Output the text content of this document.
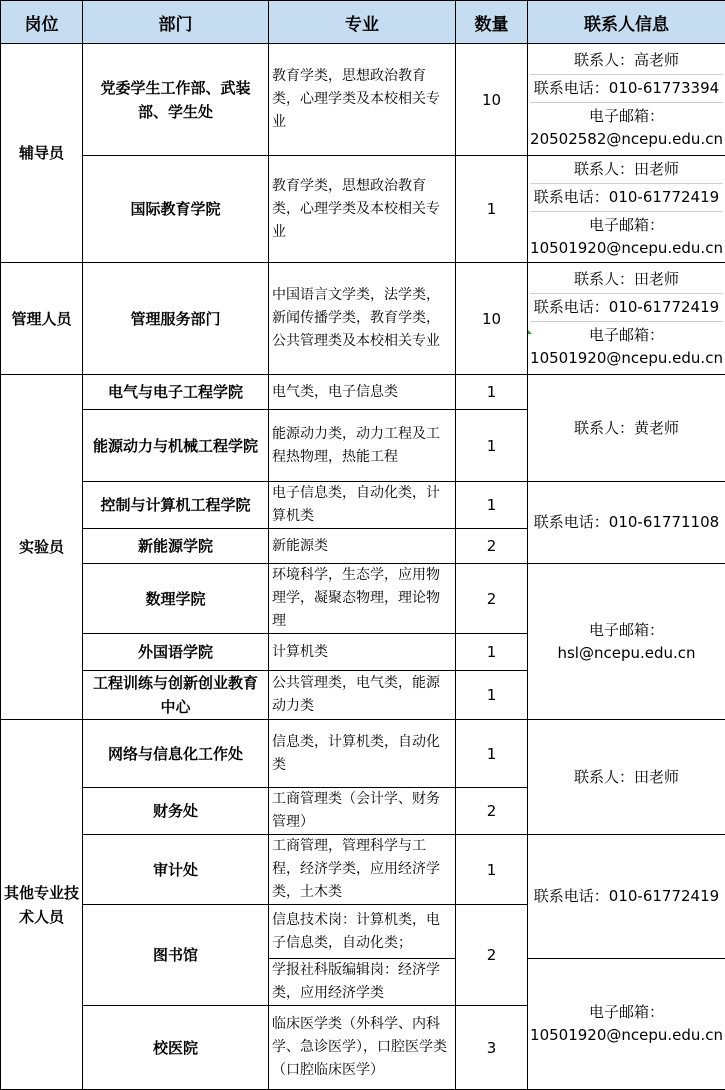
岗位	部门	专业	数量	联系人信息
辅导员	党委学生工作部、武装部、学生处	教育学类，思想政治教育类，心理学类及本校相关专业	10	联系人：高老师
联系电话：010-61773394
电子邮箱：20502582@ncepu.edu.cn

	国际教育学院	教育学类，思想政治教育类，心理学类及本校相关专业	1	联系人：田老师
联系电话：010-61772419
电子邮箱：10501920@ncepu.edu.cn

管理人员	管理服务部门	中国语言文学类，法学类，新闻传播学类，教育学类，公共管理类及本校相关专业	10	联系人：田老师
联系电话：010-61772419
电子邮箱：10501920@ncepu.edu.cn

实验员	电气与电子工程学院	电气类，电子信息类	1	联系人：黄老师
	能源动力与机械工程学院	能源动力类，动力工程及工程热物理，热能工程	1	
	控制与计算机工程学院	电子信息类，自动化类，计算机类	1	联系电话：010-61771108
	新能源学院	新能源类	2	
	数理学院	环境科学，生态学，应用物理学，凝聚态物理，理论物理	2	电子邮箱：hsl@ncepu.edu.cn
	外国语学院	计算机类	1	
	工程训练与创新创业教育中心	公共管理类，电气类，能源动力类	1	
其他专业技术人员	网络与信息化工作处	信息类，计算机类，自动化类	1	联系人：田老师
	财务处	工商管理类（会计学、财务管理）	2	
	审计处	工商管理，管理科学与工程，经济学类，应用经济学类，土木类	1	联系电话：010-61772419
	图书馆	信息技术岗：计算机类，电子信息类，自动化类；	2	
		学报社科版编辑岗：经济学类，应用经济学类		电子邮箱：10501920@ncepu.edu.cn
	校医院	临床医学类（外科学、内科学、急诊医学），口腔医学类（口腔临床医学）	3	
